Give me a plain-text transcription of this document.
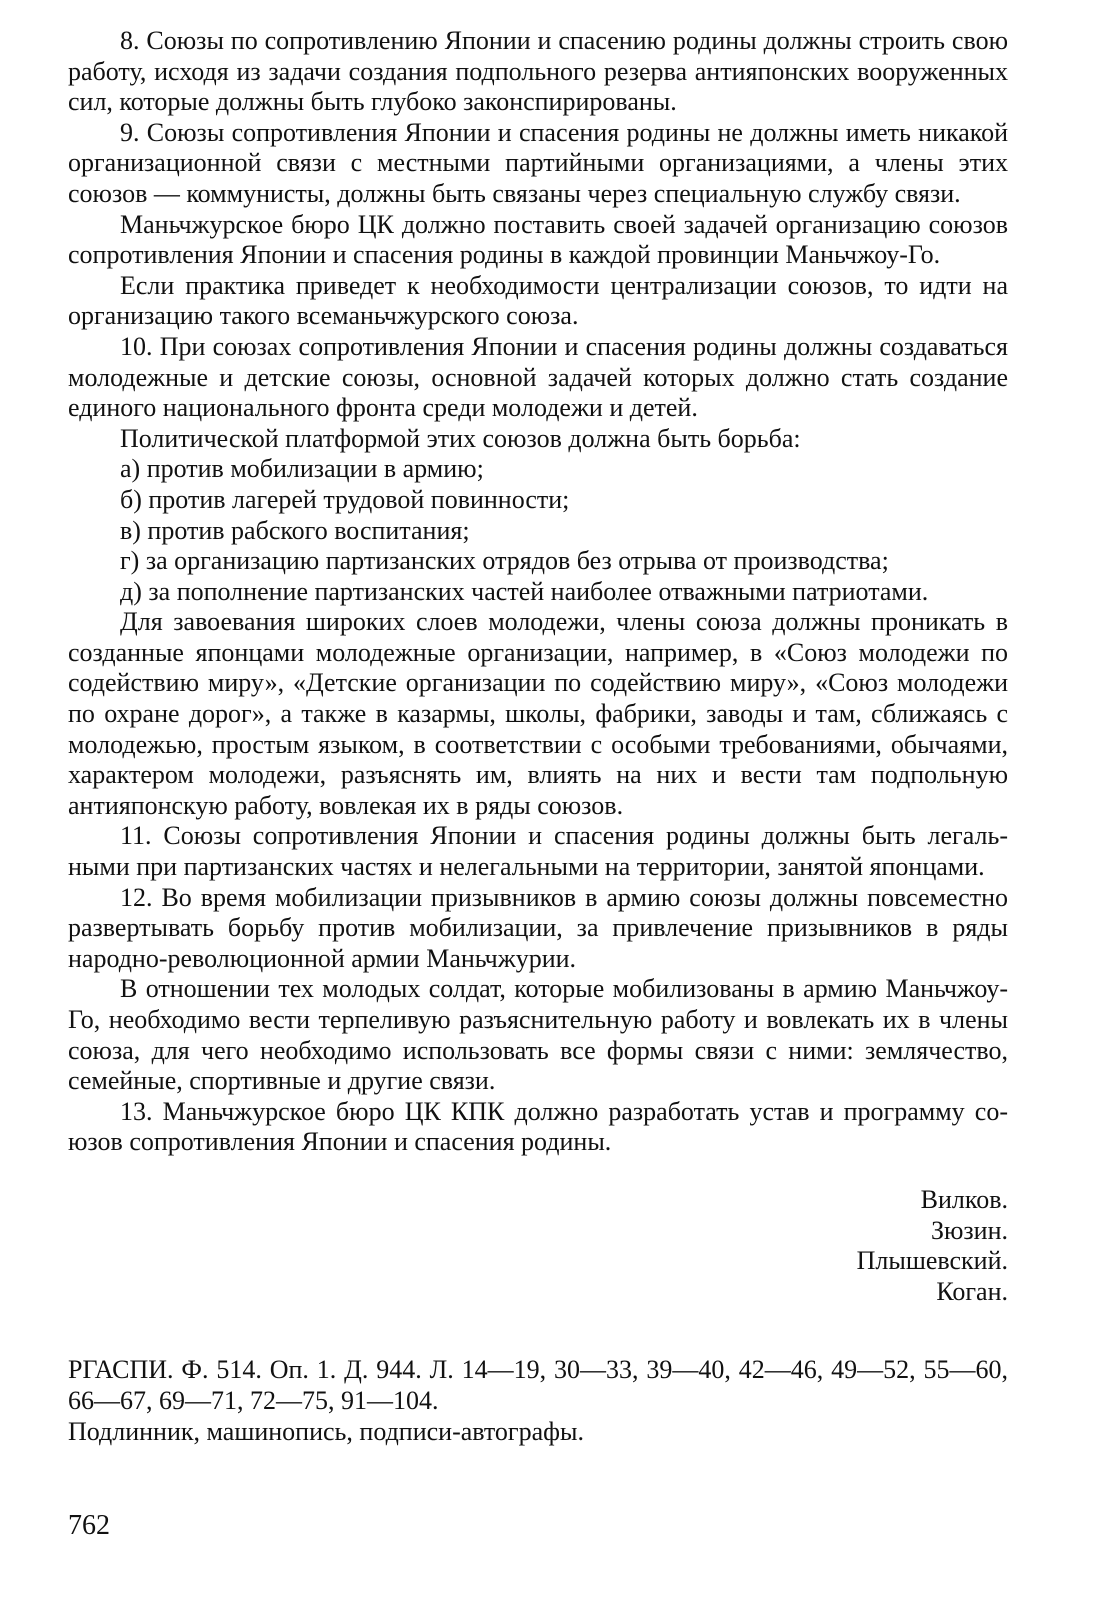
8. Союзы по сопротивлению Японии и спасению родины должны строить свою работу, исходя из задачи создания подпольного резерва антияпонских вооруженных сил, которые должны быть глубоко законспирированы.

9. Союзы сопротивления Японии и спасения родины не должны иметь никакой организационной связи с местными партийными организациями, а члены этих союзов — коммунисты, должны быть связаны через специальную службу связи.

Маньчжурское бюро ЦК должно поставить своей задачей организацию союзов сопротивления Японии и спасения родины в каждой провинции Маньчжоу-Го.

Если практика приведет к необходимости централизации союзов, то идти на организацию такого всеманьчжурского союза.

10. При союзах сопротивления Японии и спасения родины должны создаваться молодежные и детские союзы, основной задачей которых должно стать создание единого национального фронта среди молодежи и детей.

Политической платформой этих союзов должна быть борьба:

а) против мобилизации в армию;

б) против лагерей трудовой повинности;

в) против рабского воспитания;

г) за организацию партизанских отрядов без отрыва от производства;

д) за пополнение партизанских частей наиболее отважными патриотами.

Для завоевания широких слоев молодежи, члены союза должны проникать в созданные японцами молодежные организации, например, в «Союз молодежи по содействию миру», «Детские организации по содействию миру», «Союз молодежи по охране дорог», а также в казармы, школы, фабрики, заводы и там, сближаясь с молодежью, простым языком, в соответствии с особыми требованиями, обычаями, характером молодежи, разъяснять им, влиять на них и вести там подпольную антияпонскую работу, вовлекая их в ряды союзов.

11. Союзы сопротивления Японии и спасения родины должны быть легальными при партизанских частях и нелегальными на территории, занятой японцами.

12. Во время мобилизации призывников в армию союзы должны повсеместно развертывать борьбу против мобилизации, за привлечение призывников в ряды народно-революционной армии Маньчжурии.

В отношении тех молодых солдат, которые мобилизованы в армию Маньчжоу-Го, необходимо вести терпеливую разъяснительную работу и вовлекать их в члены союза, для чего необходимо использовать все формы связи с ними: землячество, семейные, спортивные и другие связи.

13. Маньчжурское бюро ЦК КПК должно разработать устав и программу союзов сопротивления Японии и спасения родины.

Вилков.
Зюзин.
Плышевский.
Коган.

РГАСПИ. Ф. 514. Оп. 1. Д. 944. Л. 14—19, 30—33, 39—40, 42—46, 49—52, 55—60, 66—67, 69—71, 72—75, 91—104.

Подлинник, машинопись, подписи-автографы.

762
